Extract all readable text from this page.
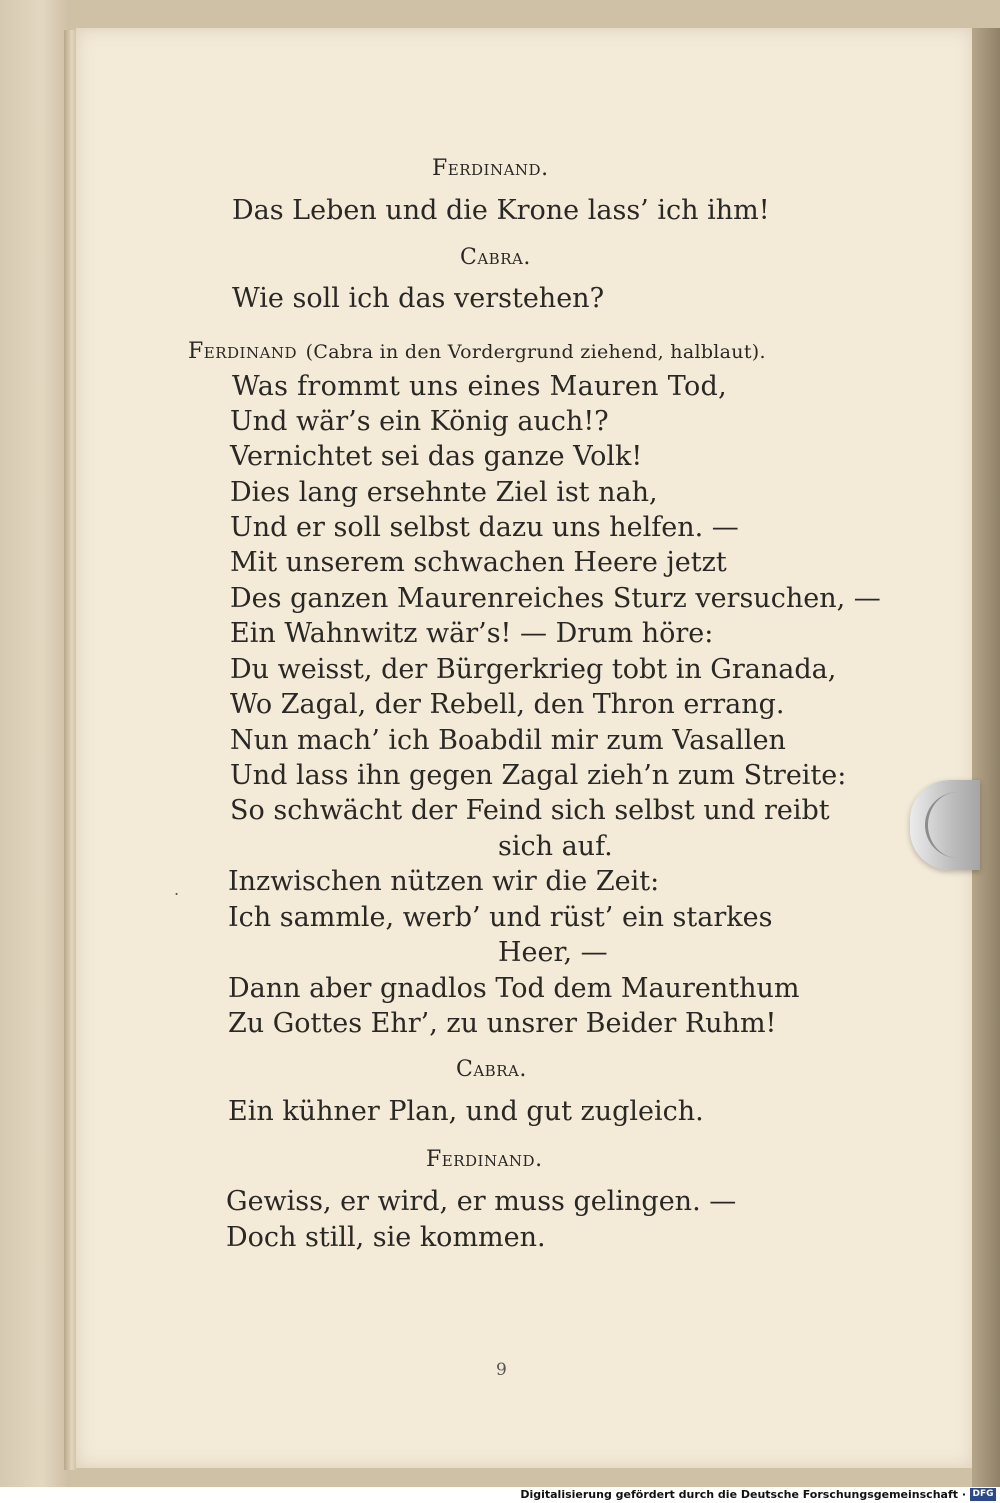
Ferdinand.
Das Leben und die Krone lass’ ich ihm!
Cabra.
Wie soll ich das verstehen?
Ferdinand (Cabra in den Vordergrund ziehend, halblaut).
Was frommt uns eines Mauren Tod,
Und wär’s ein König auch!?
Vernichtet sei das ganze Volk!
Dies lang ersehnte Ziel ist nah,
Und er soll selbst dazu uns helfen. —
Mit unserem schwachen Heere jetzt
Des ganzen Maurenreiches Sturz versuchen, —
Ein Wahnwitz wär’s! — Drum höre:
Du weisst, der Bürgerkrieg tobt in Granada,
Wo Zagal, der Rebell, den Thron errang.
Nun mach’ ich Boabdil mir zum Vasallen
Und lass ihn gegen Zagal zieh’n zum Streite:
So schwächt der Feind sich selbst und reibt
sich auf.
. Inzwischen nützen wir die Zeit:
Ich sammle, werb’ und rüst’ ein starkes
Heer, —
Dann aber gnadlos Tod dem Maurenthum
Zu Gottes Ehr’, zu unsrer Beider Ruhm!
Cabra.
Ein kühner Plan, und gut zugleich.
Ferdinand.
Gewiss, er wird, er muss gelingen. —
Doch still, sie kommen.
9
Digitalisierung gefördert durch die Deutsche Forschungsgemeinschaft · DFG
